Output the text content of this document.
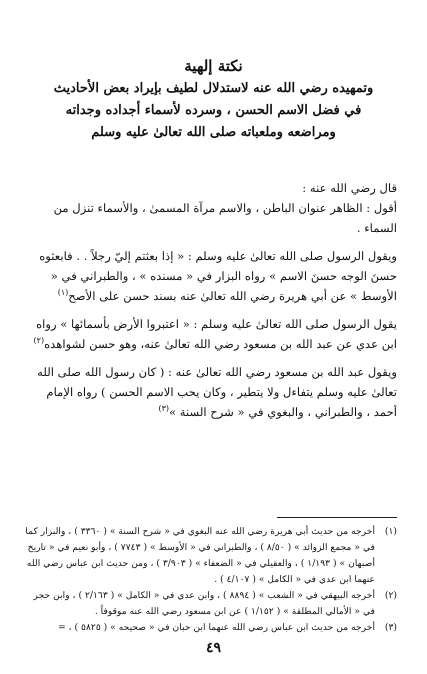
نكتة إلهية
وتمهيده رضي الله عنه لاستدلال لطيف بإيراد بعض الأحاديث
في فضل الاسم الحسن ، وسرده لأسماء أجداده وجداته
ومراضعه وملعباته صلى الله تعالىٰ عليه وسلم

قال رضي الله عنه :

أقول : الظاهر عنوان الباطن ، والاسم مرآة المسمىٰ ، والأسماء تنزل من السماء .

ويقول الرسول صلى الله تعالىٰ عليه وسلم : « إذا بعثتم إليّ رجلاً . . فابعثوه حسنَ الوجه حسنَ الاسم » رواه البزار في « مسنده » ، والطبراني في « الأوسط » عن أبي هريرة رضي الله تعالىٰ عنه بسند حسن على الأصح$^{(١)}$

يقول الرسول صلى الله تعالىٰ عليه وسلم : « اعتبروا الأرض بأسمائها » رواه ابن عدي عن عبد الله بن مسعود رضي الله تعالىٰ عنه، وهو حسن لشواهده$^{(٢)}$

ويقول عبد الله بن مسعود رضي الله تعالىٰ عنه : ( كان رسول الله صلى الله تعالىٰ عليه وسلم يتفاءل ولا يتطير ، وكان يحب الاسم الحسن ) رواه الإمام أحمد ، والطبراني ، والبغوي في « شرح السنة »$^{(٣)}$

(١)
أخرجه من حديث أبي هريرة رضي الله عنه البغوي في « شرح السنة » ( ٣٣٦٠ ) ، والبزار كما في « مجمع الزوائد » ( ٨/٥٠ ) ، والطبراني في « الأوسط » ( ٧٧٤٣ ) ، وأبو نعيم في « تاريخ أصبهان » ( ١/١٩٣ ) ، والعقيلي في « الضعفاء » ( ٣/٩٠٣ ) ، ومن حديث ابن عباس رضي الله عنهما ابن عدي في « الكامل » ( ٤/١٠٧ ) .
(٢)
أخرجه البيهقي في « الشعب » ( ٨٨٩٤ ) ، وابن عدي في « الكامل » ( ٢/١٦٣ ) ، وابن حجر في « الأمالي المطلقة » ( ١/١٥٢ ) عن ابن مسعود رضي الله عنه موقوفاً .
(٣)
أخرجه من حديث ابن عباس رضي الله عنهما ابن حبان في « صحيحه » ( ٥٨٢٥ ) ، =
٤٩
